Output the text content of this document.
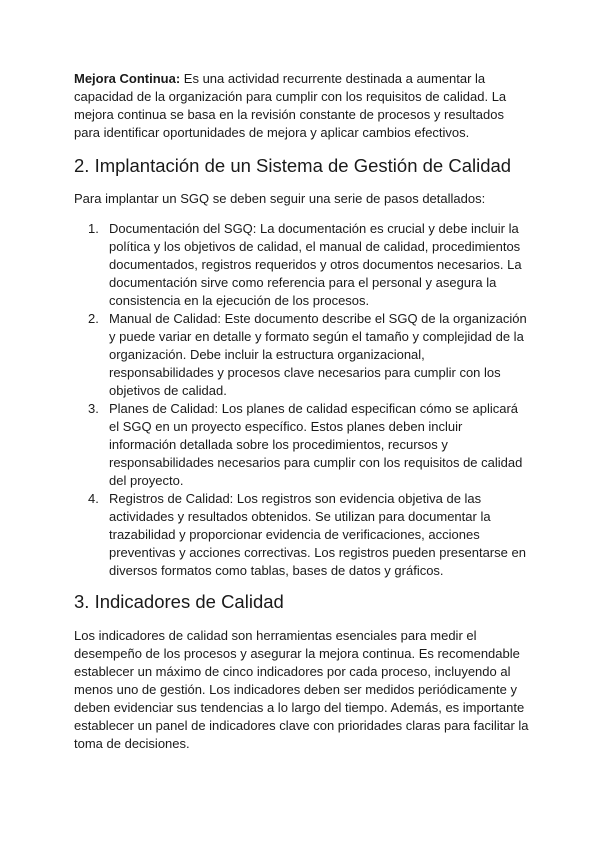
Mejora Continua: Es una actividad recurrente destinada a aumentar la capacidad de la organización para cumplir con los requisitos de calidad. La mejora continua se basa en la revisión constante de procesos y resultados para identificar oportunidades de mejora y aplicar cambios efectivos.

2. Implantación de un Sistema de Gestión de Calidad

Para implantar un SGQ se deben seguir una serie de pasos detallados:

1. Documentación del SGQ: La documentación es crucial y debe incluir la política y los objetivos de calidad, el manual de calidad, procedimientos documentados, registros requeridos y otros documentos necesarios. La documentación sirve como referencia para el personal y asegura la consistencia en la ejecución de los procesos.
2. Manual de Calidad: Este documento describe el SGQ de la organización y puede variar en detalle y formato según el tamaño y complejidad de la organización. Debe incluir la estructura organizacional, responsabilidades y procesos clave necesarios para cumplir con los objetivos de calidad.
3. Planes de Calidad: Los planes de calidad especifican cómo se aplicará el SGQ en un proyecto específico. Estos planes deben incluir información detallada sobre los procedimientos, recursos y responsabilidades necesarios para cumplir con los requisitos de calidad del proyecto.
4. Registros de Calidad: Los registros son evidencia objetiva de las actividades y resultados obtenidos. Se utilizan para documentar la trazabilidad y proporcionar evidencia de verificaciones, acciones preventivas y acciones correctivas. Los registros pueden presentarse en diversos formatos como tablas, bases de datos y gráficos.
3. Indicadores de Calidad

Los indicadores de calidad son herramientas esenciales para medir el desempeño de los procesos y asegurar la mejora continua. Es recomendable establecer un máximo de cinco indicadores por cada proceso, incluyendo al menos uno de gestión. Los indicadores deben ser medidos periódicamente y deben evidenciar sus tendencias a lo largo del tiempo. Además, es importante establecer un panel de indicadores clave con prioridades claras para facilitar la toma de decisiones.
